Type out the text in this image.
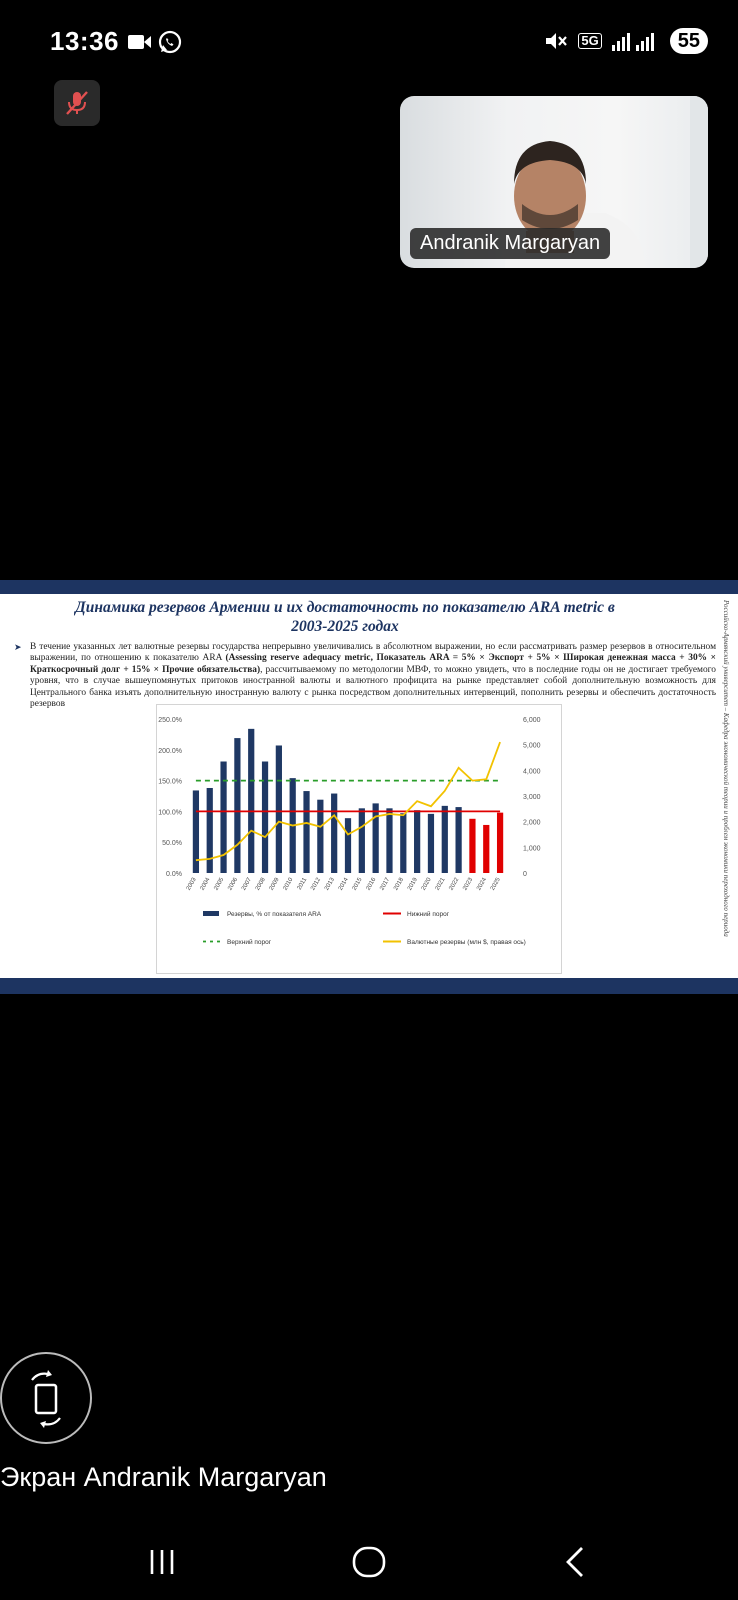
13:36	5G	55
Andranik Margaryan
Динамика резервов Армении и их достаточность по показателю ARA metric в
2003-2025 годах
➤ В течение указанных лет валютные резервы государства непрерывно увеличивались в абсолютном выражении, но если рассматривать размер резервов в относительном выражении, по отношению к показателю ARA (Assessing reserve adequacy metric, Показатель ARA = 5% × Экспорт + 5% × Широкая денежная масса + 30% × Краткосрочный долг + 15% × Прочие обязательства), рассчитываемому по методологии МВФ, то можно увидеть, что в последние годы он не достигает требуемого уровня, что в случае вышеупомянутых притоков иностранной валюты и валютного профицита на рынке представляет собой дополнительную возможность для Центрального банка изъять дополнительную иностранную валюту с рынка посредством дополнительных интервенций, пополнить резервы и обеспечить достаточность резервов	Российско-Армянский университет – Кафедра экономической теории и проблем экономики переходного периода
250.0%
200.0%
150.0%
100.0%
50.0%
0.0%
6,000
5,000
4,000
3,000
2,000
1,000
0
2003 2004 2005 2006 2007 2008 2009 2010 2011 2012 2013 2014 2015 2016 2017 2018 2019 2020 2021 2022 2023 2024 2025
Резервы, % от показателя ARA	Нижний порог
Верхний порог	Валютные резервы (млн $, правая ось)
Экран Andranik Margaryan
